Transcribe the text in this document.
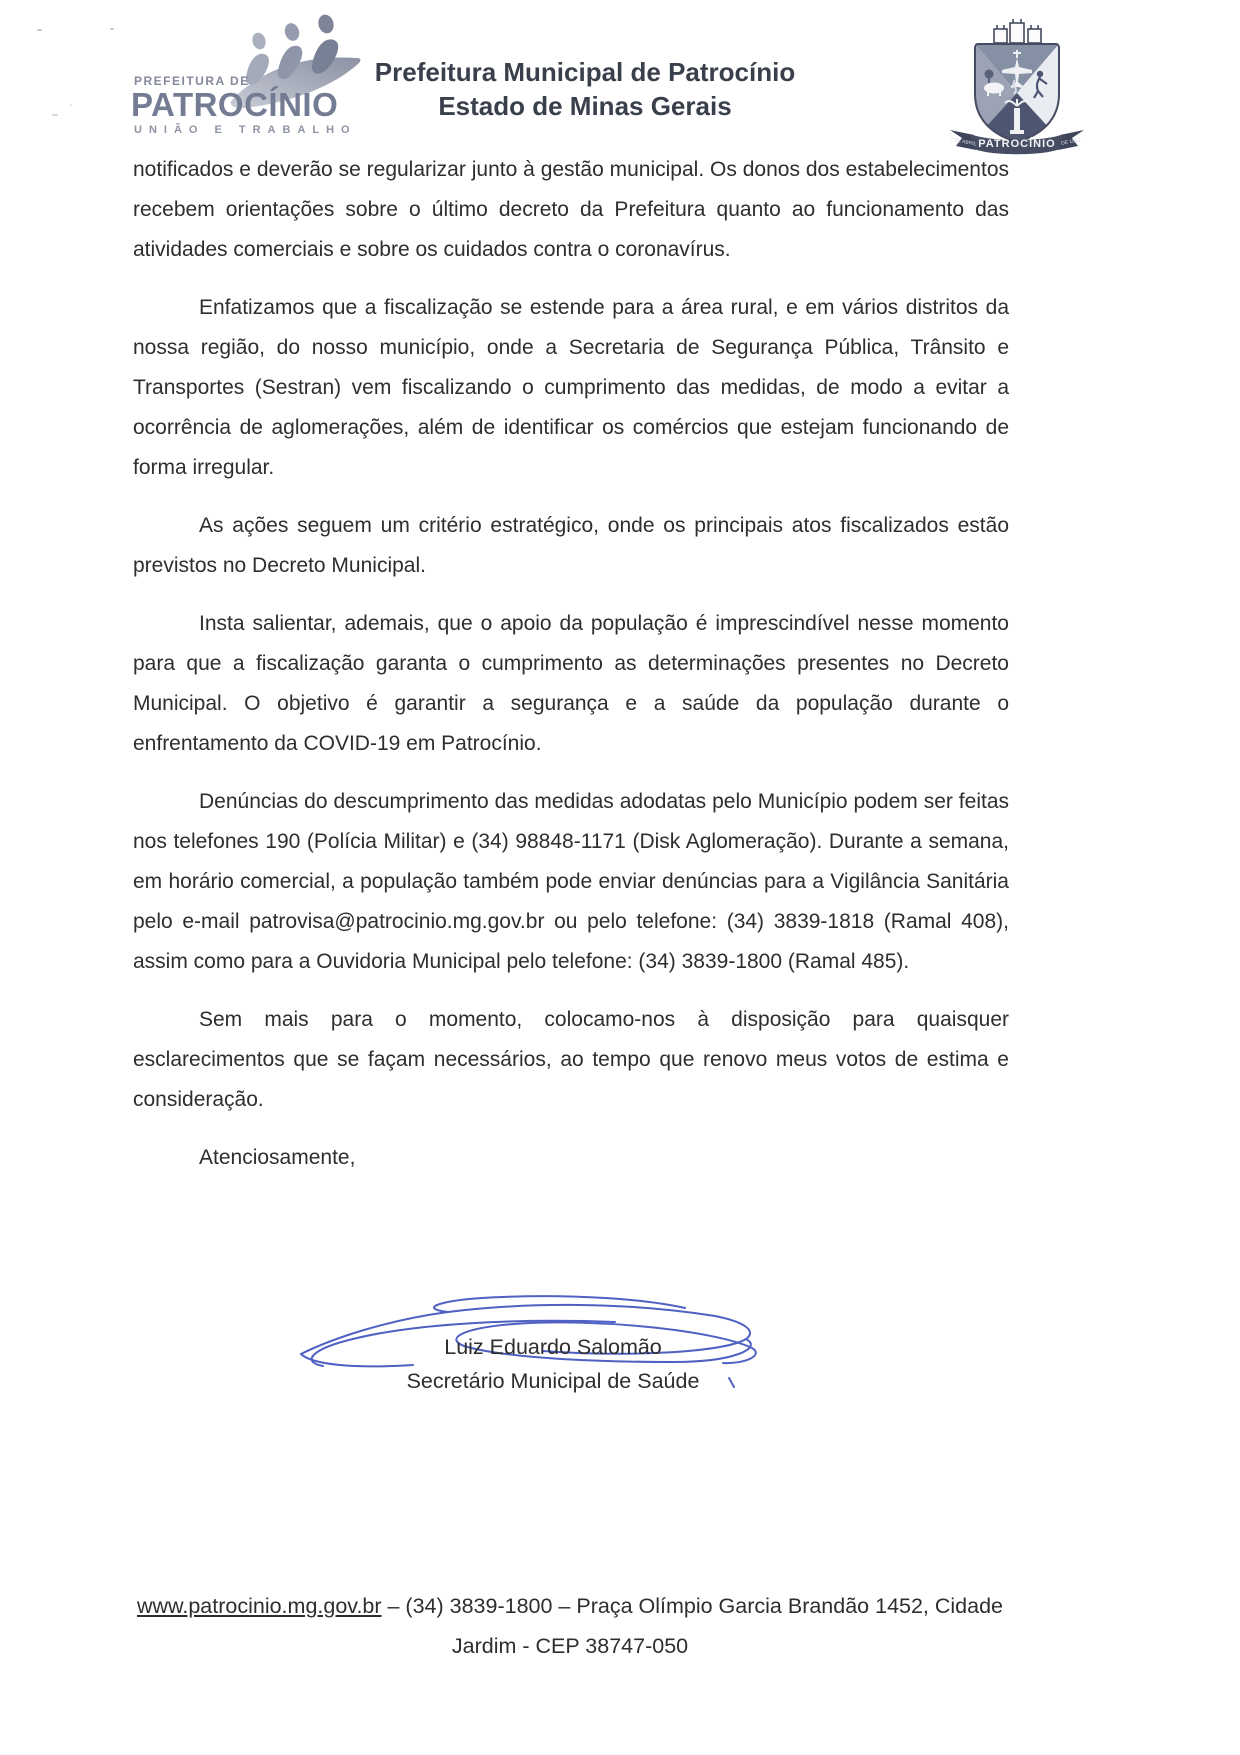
PREFEITURA DE
PATROCÍNIO
UNIÃO E TRABALHO
Prefeitura Municipal de Patrocínio
Estado de Minas Gerais
PATROCÍNIO
7 DE ABRIL	DE 1842

notificados e deverão se regularizar junto à gestão municipal. Os donos dos estabelecimentos recebem orientações sobre o último decreto da Prefeitura quanto ao funcionamento das atividades comerciais e sobre os cuidados contra o coronavírus.

Enfatizamos que a fiscalização se estende para a área rural, e em vários distritos da nossa região, do nosso município, onde a Secretaria de Segurança Pública, Trânsito e Transportes (Sestran) vem fiscalizando o cumprimento das medidas, de modo a evitar a ocorrência de aglomerações, além de identificar os comércios que estejam funcionando de forma irregular.

As ações seguem um critério estratégico, onde os principais atos fiscalizados estão previstos no Decreto Municipal.

Insta salientar, ademais, que o apoio da população é imprescindível nesse momento para que a fiscalização garanta o cumprimento as determinações presentes no Decreto Municipal. O objetivo é garantir a segurança e a saúde da população durante o enfrentamento da COVID-19 em Patrocínio.

Denúncias do descumprimento das medidas adodatas pelo Município podem ser feitas nos telefones 190 (Polícia Militar) e (34) 98848-1171 (Disk Aglomeração). Durante a semana, em horário comercial, a população também pode enviar denúncias para a Vigilância Sanitária pelo e-mail patrovisa@patrocinio.mg.gov.br ou pelo telefone: (34) 3839-1818 (Ramal 408), assim como para a Ouvidoria Municipal pelo telefone: (34) 3839-1800 (Ramal 485).

Sem mais para o momento, colocamo-nos à disposição para quaisquer esclarecimentos que se façam necessários, ao tempo que renovo meus votos de estima e consideração.

Atenciosamente,

Luiz Eduardo Salomão
Secretário Municipal de Saúde
www.patrocinio.mg.gov.br – (34) 3839-1800 – Praça Olímpio Garcia Brandão 1452, Cidade Jardim - CEP 38747-050
